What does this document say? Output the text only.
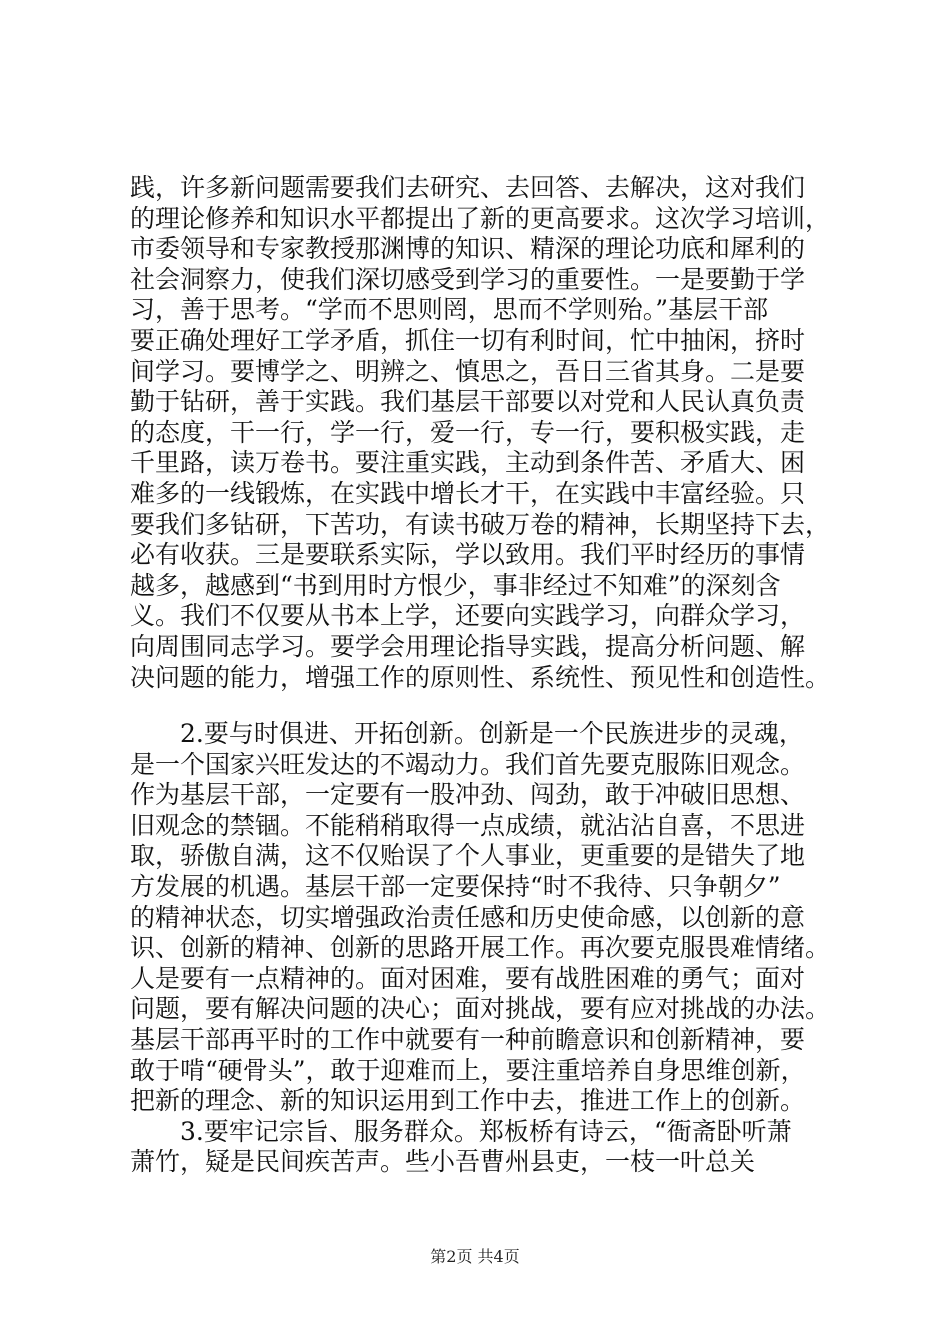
践，许多新问题需要我们去研究、去回答、去解决，这对我们
的理论修养和知识水平都提出了新的更高要求。这次学习培训，
市委领导和专家教授那渊博的知识、精深的理论功底和犀利的
社会洞察力，使我们深切感受到学习的重要性。一是要勤于学
习，善于思考。“学而不思则罔，思而不学则殆。”基层干部
要正确处理好工学矛盾，抓住一切有利时间，忙中抽闲，挤时
间学习。要博学之、明辨之、慎思之，吾日三省其身。二是要
勤于钻研，善于实践。我们基层干部要以对党和人民认真负责
的态度，干一行，学一行，爱一行，专一行，要积极实践，走
千里路，读万卷书。要注重实践，主动到条件苦、矛盾大、困
难多的一线锻炼，在实践中增长才干，在实践中丰富经验。只
要我们多钻研，下苦功，有读书破万卷的精神，长期坚持下去，
必有收获。三是要联系实际，学以致用。我们平时经历的事情
越多，越感到“书到用时方恨少，事非经过不知难”的深刻含
义。我们不仅要从书本上学，还要向实践学习，向群众学习，
向周围同志学习。要学会用理论指导实践，提高分析问题、解
决问题的能力，增强工作的原则性、系统性、预见性和创造性。
2.要与时俱进、开拓创新。创新是一个民族进步的灵魂，
是一个国家兴旺发达的不竭动力。我们首先要克服陈旧观念。
作为基层干部，一定要有一股冲劲、闯劲，敢于冲破旧思想、
旧观念的禁锢。不能稍稍取得一点成绩，就沾沾自喜，不思进
取，骄傲自满，这不仅贻误了个人事业，更重要的是错失了地
方发展的机遇。基层干部一定要保持“时不我待、只争朝夕”
的精神状态，切实增强政治责任感和历史使命感，以创新的意
识、创新的精神、创新的思路开展工作。再次要克服畏难情绪。
人是要有一点精神的。面对困难，要有战胜困难的勇气；面对
问题，要有解决问题的决心；面对挑战，要有应对挑战的办法。
基层干部再平时的工作中就要有一种前瞻意识和创新精神，要
敢于啃“硬骨头”，敢于迎难而上，要注重培养自身思维创新，
把新的理念、新的知识运用到工作中去，推进工作上的创新。
3.要牢记宗旨、服务群众。郑板桥有诗云，“衙斋卧听萧
萧竹，疑是民间疾苦声。些小吾曹州县吏，一枝一叶总关
第2页 共4页
